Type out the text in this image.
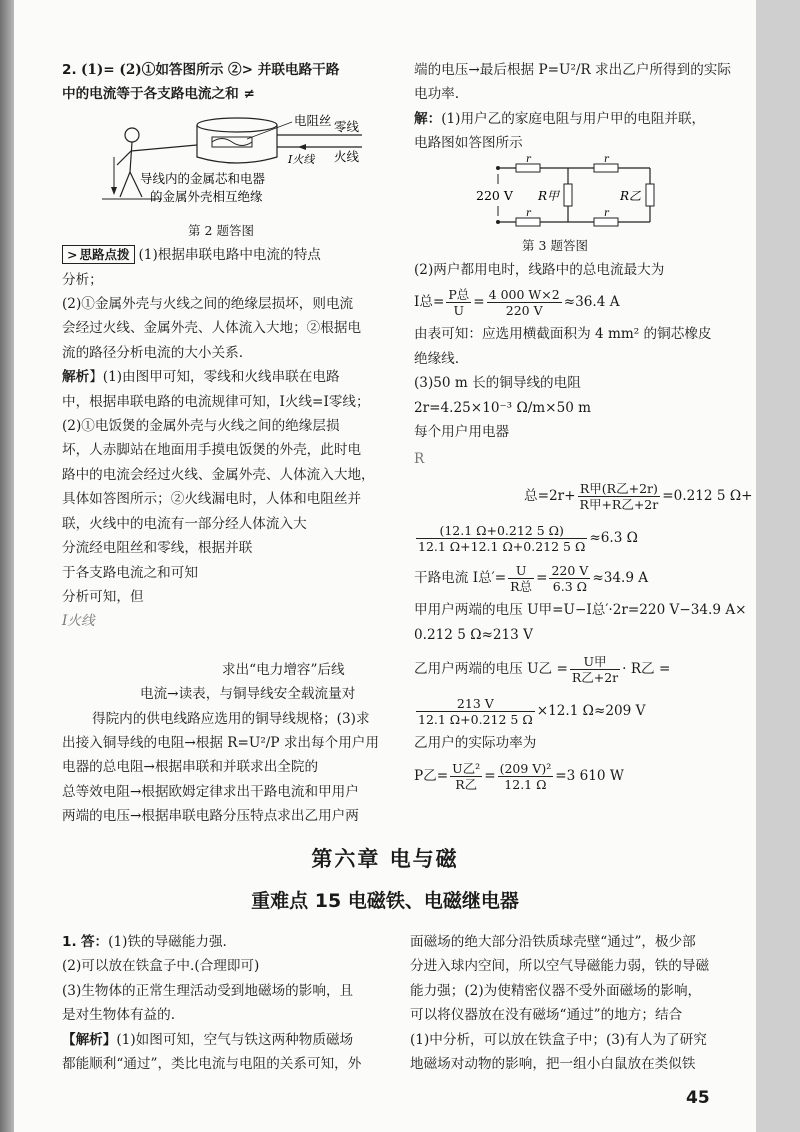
2. (1)= (2)①如答图所示 ②> 并联电路干路

中的电流等于各支路电流之和 ≠

电阻丝 零线
火线
I火线
导线内的金属芯和电器
的金属外壳相互绝缘

第 2 题答图

> 思路点拨 (1)根据串联电路中电流的特点

分析；

(2)①金属外壳与火线之间的绝缘层损坏，则电流

会经过火线、金属外壳、人体流入大地；②根据电

流的路径分析电流的大小关系.

解析】(1)由图甲可知，零线和火线串联在电路

中，根据串联电路的电流规律可知，I火线=I零线；

(2)①电饭煲的金属外壳与火线之间的绝缘层损

坏，人赤脚站在地面用手摸电饭煲的外壳，此时电

路中的电流会经过火线、金属外壳、人体流入大地，

具体如答图所示；②火线漏电时，人体和电阻丝并

联，火线中的电流有一部分经人体流入大

分流经电阻丝和零线，根据并联

于各支路电流之和可知

分析可知，但

I火线

求出“电力增容”后线

电流→读表，与铜导线安全载流量对

得院内的供电线路应选用的铜导线规格；(3)求

出接入铜导线的电阻→根据 R=U²/P 求出每个用户用

电器的总电阻→根据串联和并联求出全院的

总等效电阻→根据欧姆定律求出干路电流和甲用户

两端的电压→根据串联电路分压特点求出乙用户两

端的电压→最后根据 P=U²/R 求出乙户所得到的实际

电功率.

解：(1)用户乙的家庭电阻与用户甲的电阻并联，

电路图如答图所示

220 V
r	r
r	r
R甲	R乙

第 3 题答图

(2)两户都用电时，线路中的总电流最大为

I总= $\frac{\text{P总}}{U} = \frac{4 000 W\times 2}{220 V} \approx 36.4$ A

由表可知：应选用横截面积为 4 mm² 的铜芯橡皮

绝缘线.

(3)50 m 长的铜导线的电阻

2r=4.25×10⁻³ Ω/m×50 m

每个用户用电器

R

总$=2r+ \frac{\text{R甲(R乙+2r)}}{\text{R甲+R乙+2r}} =0.212$ 5 Ω+

$\frac{(12.1 \Omega+0.212 5 \Omega)}{12.1 \Omega+12.1 \Omega+0.212 5 \Omega} \approx 6.3$ Ω

干路电流 I总′= $\frac{U}{\text{R总}} = \frac{220 V}{6.3 \Omega} \approx 34.9$ A

甲用户两端的电压 U甲=U−I总′·2r=220 V−34.9 A×

0.212 5 Ω≈213 V

乙用户两端的电压 U乙 = $\frac{\text{U甲}}{\text{R乙+2r}} \cdot R$乙 =

$\frac{213 V}{12.1 \Omega+0.212 5 \Omega} \times 12.1$ Ω≈209 V

乙用户的实际功率为

P乙= $\frac{\text{U乙²}}{\text{R乙}} = \frac{\text{(209 V)²}}{12.1 \Omega} =3$ 610 W

第六章 电与磁
重难点 15 电磁铁、电磁继电器

1. 答：(1)铁的导磁能力强.

(2)可以放在铁盒子中.(合理即可)

(3)生物体的正常生理活动受到地磁场的影响，且

是对生物体有益的.

【解析】(1)如图可知，空气与铁这两种物质磁场

都能顺利“通过”，类比电流与电阻的关系可知，外

面磁场的绝大部分沿铁质球壳壁“通过”，极少部

分进入球内空间，所以空气导磁能力弱，铁的导磁

能力强；(2)为使精密仪器不受外面磁场的影响，

可以将仪器放在没有磁场“通过”的地方；结合

(1)中分析，可以放在铁盒子中；(3)有人为了研究

地磁场对动物的影响，把一组小白鼠放在类似铁

45
